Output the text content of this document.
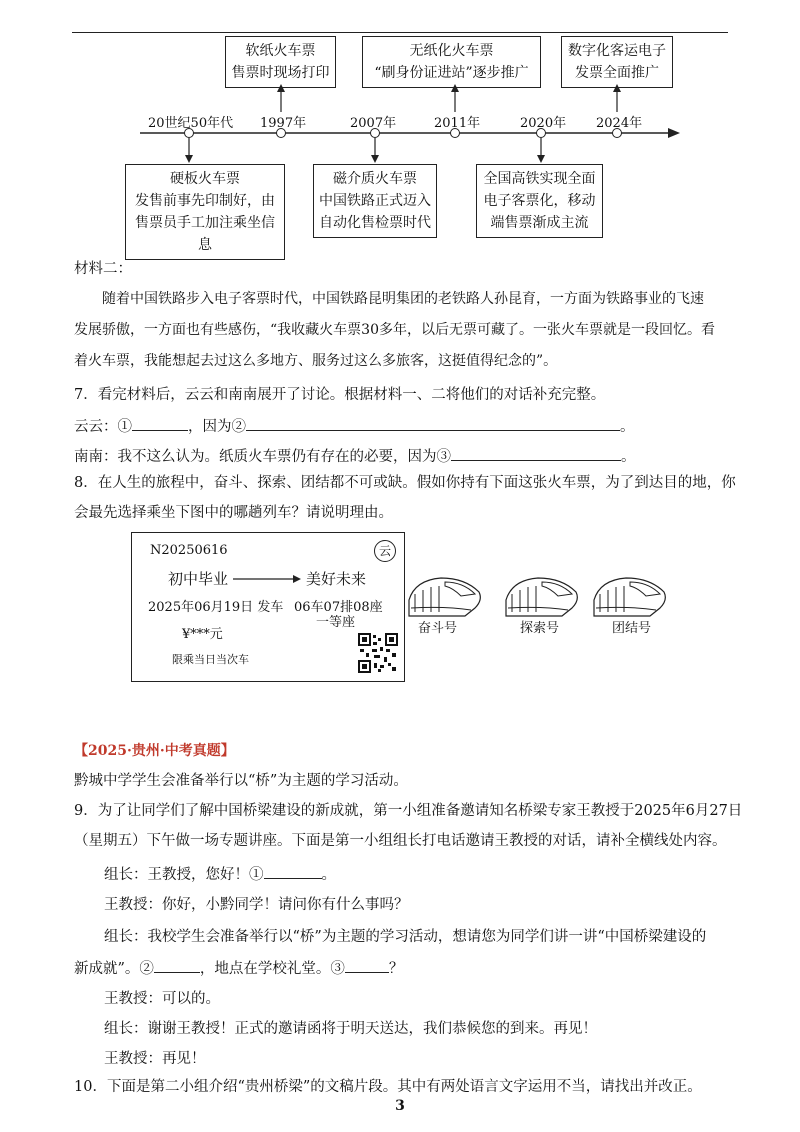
软纸火车票
售票时现场打印
无纸化火车票
“刷身份证进站”逐步推广
数字化客运电子
发票全面推广
20世纪50年代 1997年	2007年	2011年	2020年 2024年
硬板火车票
发售前事先印制好，由
售票员手工加注乘坐信息
磁介质火车票
中国铁路正式迈入
自动化售检票时代
全国高铁实现全面
电子客票化，移动
端售票渐成主流
材料二：
随着中国铁路步入电子客票时代，中国铁路昆明集团的老铁路人孙昆育，一方面为铁路事业的飞速
发展骄傲，一方面也有些感伤，“我收藏火车票30多年，以后无票可藏了。一张火车票就是一段回忆。看
着火车票，我能想起去过这么多地方、服务过这么多旅客，这挺值得纪念的”。
7．看完材料后，云云和南南展开了讨论。根据材料一、二将他们的对话补充完整。
云云：①	，因为②	。
南南：我不这么认为。纸质火车票仍有存在的必要，因为③	。
8．在人生的旅程中，奋斗、探索、团结都不可或缺。假如你持有下面这张火车票，为了到达目的地，你
会最先选择乘坐下图中的哪趟列车？请说明理由。
N20250616	云
初中毕业	美好未来
2025年06月19日 发车 06车07排08座
一等座
¥***元
限乘当日当次车
奋斗号	探索号	团结号
【2025·贵州·中考真题】
黔城中学学生会准备举行以“桥”为主题的学习活动。
9．为了让同学们了解中国桥梁建设的新成就，第一小组准备邀请知名桥梁专家王教授于2025年6月27日
（星期五）下午做一场专题讲座。下面是第一小组组长打电话邀请王教授的对话，请补全横线处内容。
组长：王教授，您好！①	。
王教授：你好，小黔同学！请问你有什么事吗？
组长：我校学生会准备举行以“桥”为主题的学习活动，想请您为同学们讲一讲“中国桥梁建设的
新成就”。②	，地点在学校礼堂。③	？
王教授：可以的。
组长：谢谢王教授！正式的邀请函将于明天送达，我们恭候您的到来。再见！
王教授：再见！
10．下面是第二小组介绍“贵州桥梁”的文稿片段。其中有两处语言文字运用不当，请找出并改正。
3
